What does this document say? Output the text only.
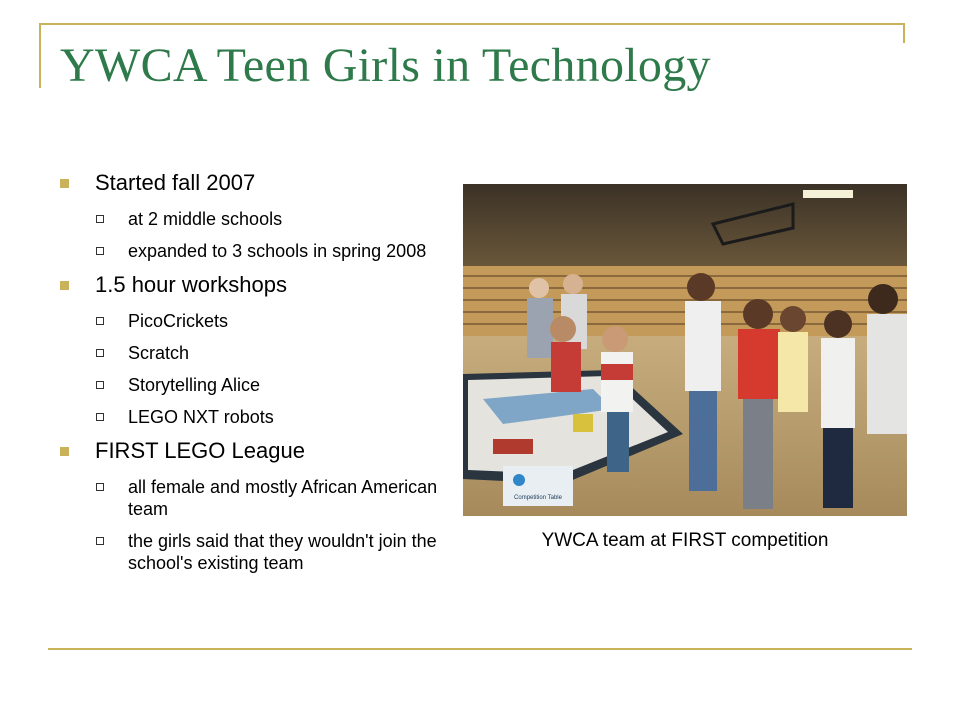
YWCA Teen Girls in Technology
Started fall 2007
at 2 middle schools
expanded to 3 schools in spring 2008
1.5 hour workshops
PicoCrickets
Scratch
Storytelling Alice
LEGO NXT robots
FIRST LEGO League
all female and mostly African American team
the girls said that they wouldn't join the school's existing team
Competition Table
YWCA team at FIRST competition
